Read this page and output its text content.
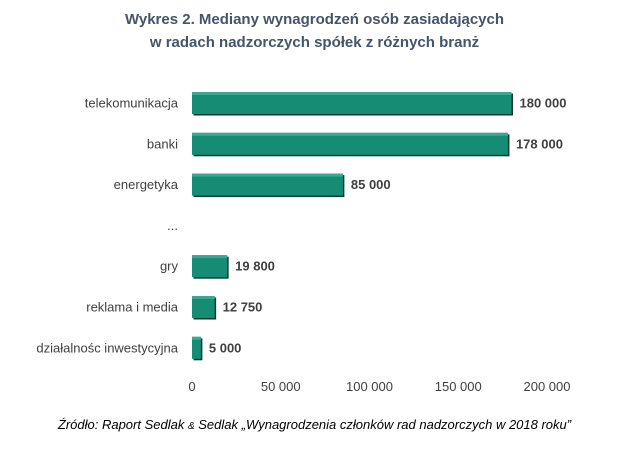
Wykres 2. Mediany wynagrodzeń osób zasiadających
w radach nadzorczych spółek z różnych branż
telekomunikacja	180 000
banki	178 000
energetyka	85 000
...
gry	19 800
reklama i media	12 750
działalnośc inwestycyjna 5 000
0	50 000	100 000	150 000	200 000
Źródło: Raport Sedlak & Sedlak „Wynagrodzenia członków rad nadzorczych w 2018 roku”
